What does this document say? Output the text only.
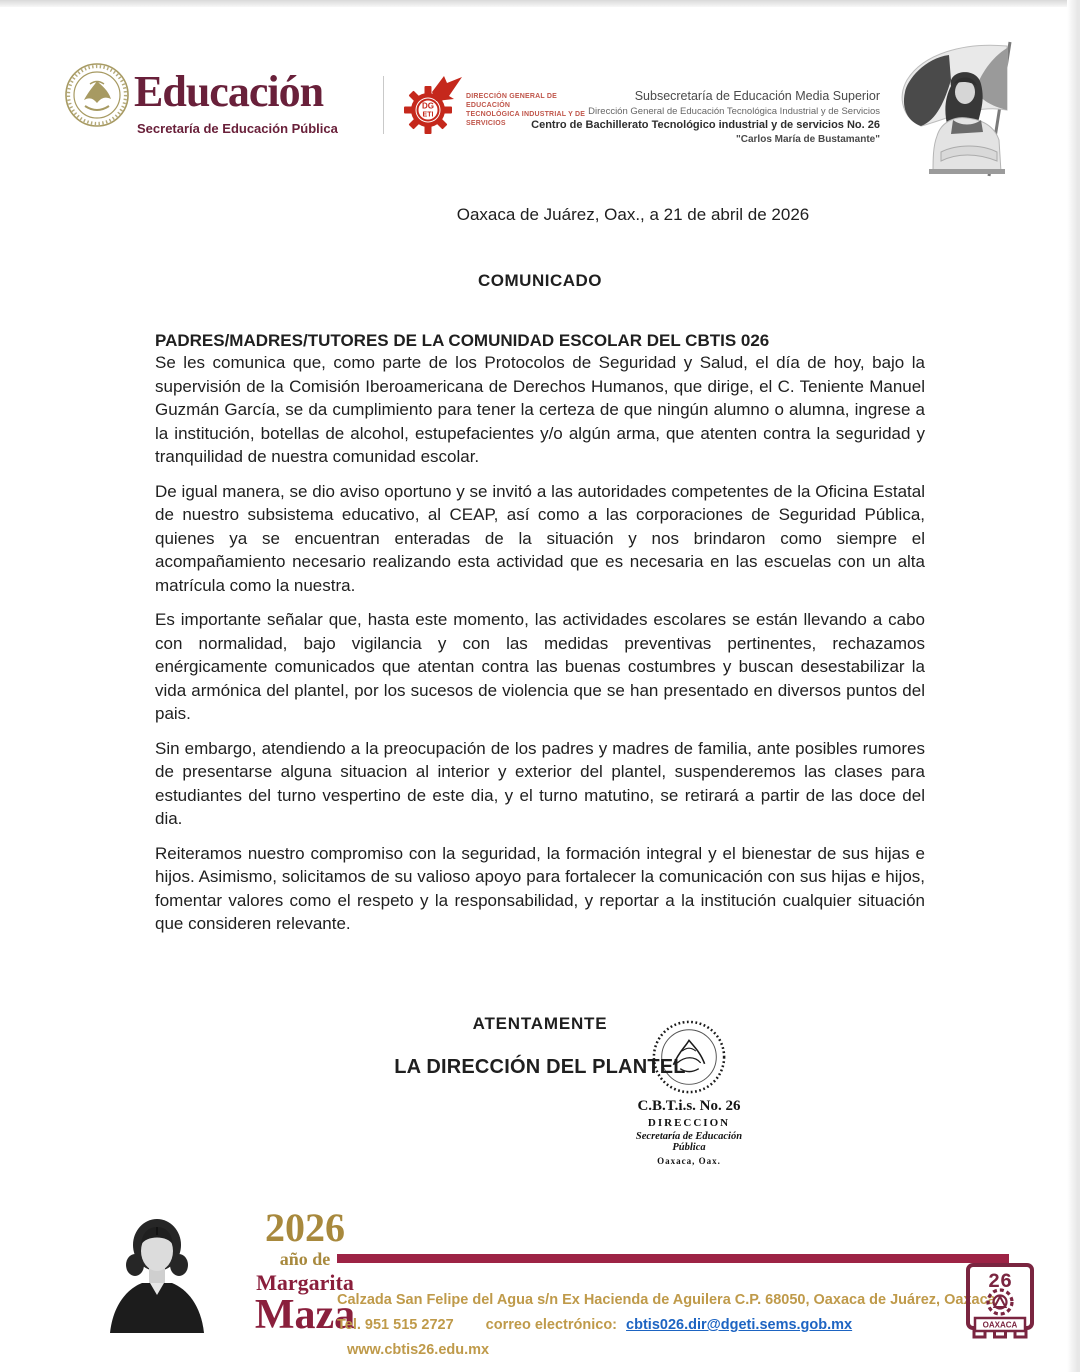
Educación
Secretaría de Educación Pública
DG
ETI
DIRECCIÓN GENERAL DE EDUCACIÓN
TECNOLÓGICA INDUSTRIAL Y DE SERVICIOS
Subsecretaría de Educación Media Superior
Dirección General de Educación Tecnológica Industrial y de Servicios
Centro de Bachillerato Tecnológico industrial y de servicios No. 26
"Carlos María de Bustamante"

Oaxaca de Juárez, Oax., a 21 de abril de 2026

COMUNICADO
PADRES/MADRES/TUTORES DE LA COMUNIDAD ESCOLAR DEL CBTIS 026

Se les comunica que, como parte de los Protocolos de Seguridad y Salud, el día de hoy, bajo la supervisión de la Comisión Iberoamericana de Derechos Humanos, que dirige, el C. Teniente Manuel Guzmán García, se da cumplimiento para tener la certeza de que ningún alumno o alumna, ingrese a la institución, botellas de alcohol, estupefacientes y/o algún arma, que atenten contra la seguridad y tranquilidad de nuestra comunidad escolar.

De igual manera, se dio aviso oportuno y se invitó a las autoridades competentes de la Oficina Estatal de nuestro subsistema educativo, al CEAP, así como a las corporaciones de Seguridad Pública, quienes ya se encuentran enteradas de la situación y nos brindaron como siempre el acompañamiento necesario realizando esta actividad que es necesaria en las escuelas con un alta matrícula como la nuestra.

Es importante señalar que, hasta este momento, las actividades escolares se están llevando a cabo con normalidad, bajo vigilancia y con las medidas preventivas pertinentes, rechazamos enérgicamente comunicados que atentan contra las buenas costumbres y buscan desestabilizar la vida armónica del plantel, por los sucesos de violencia que se han presentado en diversos puntos del pais.

Sin embargo, atendiendo a la preocupación de los padres y madres de familia, ante posibles rumores de presentarse alguna situacion al interior y exterior del plantel, suspenderemos las clases para estudiantes del turno vespertino de este dia, y el turno matutino, se retirará a partir de las doce del dia.

Reiteramos nuestro compromiso con la seguridad, la formación integral y el bienestar de sus hijas e hijos. Asimismo, solicitamos de su valioso apoyo para fortalecer la comunicación con sus hijas e hijos, fomentar valores como el respeto y la responsabilidad, y reportar a la institución cualquier situación que consideren relevante.

ATENTAMENTE

LA DIRECCIÓN DEL PLANTEL

C.B.T.i.s. No. 26
DIRECCION
Secretaría de Educación
Pública
Oaxaca, Oax.
2026
año de
Margarita
Maza
Calzada San Felipe del Agua s/n Ex Hacienda de Aguilera C.P. 68050, Oaxaca de Juárez, Oaxaca
Tel. 951 515 2727 correo electrónico: cbtis026.dir@dgeti.sems.gob.mx www.cbtis26.edu.mx
26
OAXACA
